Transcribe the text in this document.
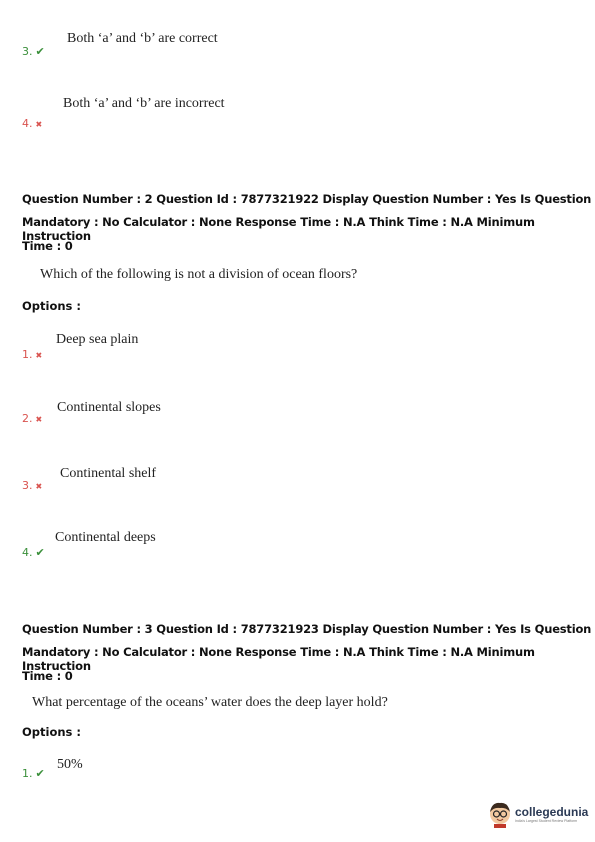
3. ✔
Both ‘a’ and ‘b’ are correct
4. ✖
Both ‘a’ and ‘b’ are incorrect
Question Number : 2 Question Id : 7877321922 Display Question Number : Yes Is Question
Mandatory : No Calculator : None Response Time : N.A Think Time : N.A Minimum Instruction
Time : 0
Which of the following is not a division of ocean floors?
Options :
1. ✖
Deep sea plain
2. ✖
Continental slopes
3. ✖
Continental shelf
4. ✔
Continental deeps
Question Number : 3 Question Id : 7877321923 Display Question Number : Yes Is Question
Mandatory : No Calculator : None Response Time : N.A Think Time : N.A Minimum Instruction
Time : 0
What percentage of the oceans’ water does the deep layer hold?
Options :
1. ✔
50%
collegedunia
India's Largest Student Review Platform
